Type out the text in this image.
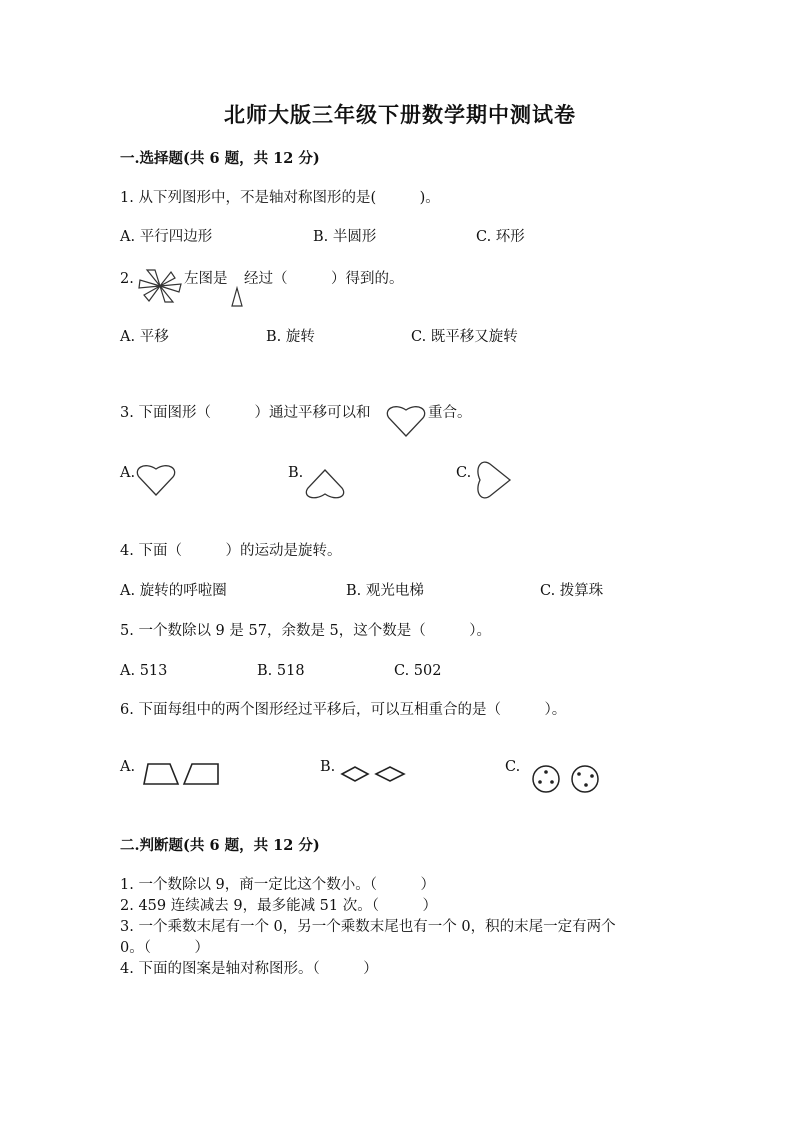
北师大版三年级下册数学期中测试卷
一.选择题(共 6 题，共 12 分)
1. 从下列图形中，不是轴对称图形的是(　　　)。
A. 平行四边形	B. 半圆形	C. 环形
2.	左图是 经过（　　　）得到的。
A. 平移	B. 旋转	C. 既平移又旋转
3. 下面图形（　　　）通过平移可以和	重合。
A.	B.	C.
4. 下面（　　　）的运动是旋转。
A. 旋转的呼啦圈	B. 观光电梯	C. 拨算珠
5. 一个数除以 9 是 57，余数是 5，这个数是（　　　）。
A. 513	B. 518	C. 502
6. 下面每组中的两个图形经过平移后，可以互相重合的是（　　　）。
A.	B.	C.
二.判断题(共 6 题，共 12 分)
1. 一个数除以 9，商一定比这个数小。（　　　）
2. 459 连续减去 9，最多能减 51 次。（　　　）
3. 一个乘数末尾有一个 0，另一个乘数末尾也有一个 0，积的末尾一定有两个
0。（　　　）
4. 下面的图案是轴对称图形。（　　　）
